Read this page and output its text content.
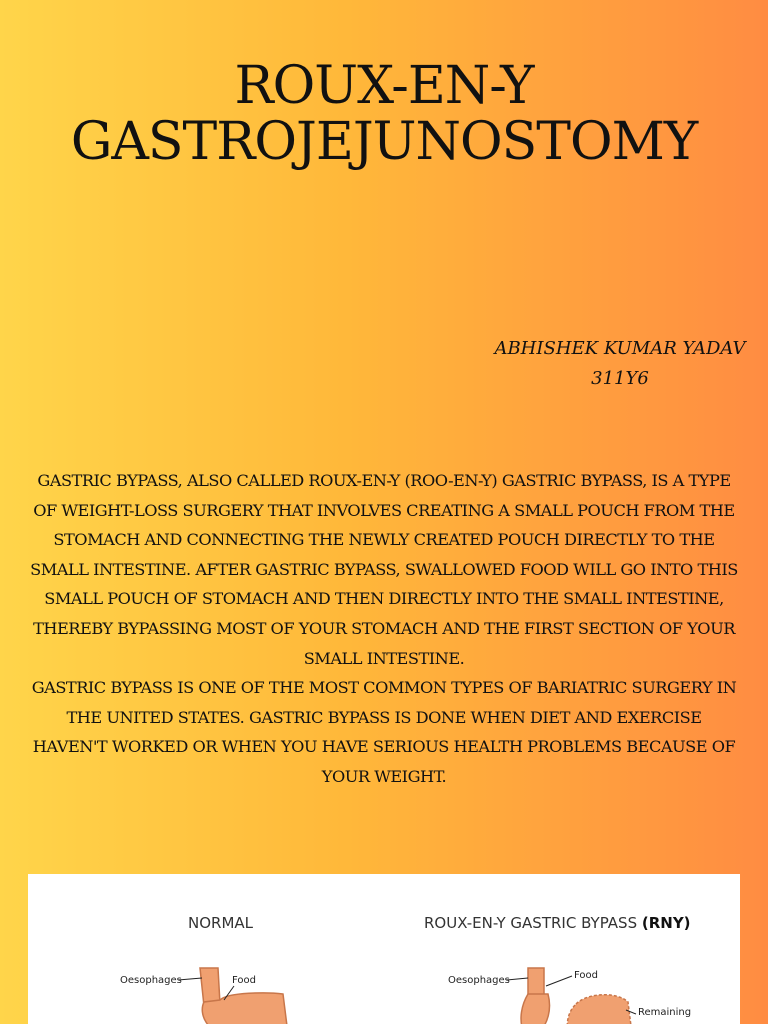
ROUX-EN-Y
GASTROJEJUNOSTOMY
ABHISHEK KUMAR YADAV
311Y6

GASTRIC BYPASS, ALSO CALLED ROUX-EN-Y (ROO-EN-Y) GASTRIC BYPASS, IS A TYPE OF WEIGHT-LOSS SURGERY THAT INVOLVES CREATING A SMALL POUCH FROM THE STOMACH AND CONNECTING THE NEWLY CREATED POUCH DIRECTLY TO THE SMALL INTESTINE. AFTER GASTRIC BYPASS, SWALLOWED FOOD WILL GO INTO THIS SMALL POUCH OF STOMACH AND THEN DIRECTLY INTO THE SMALL INTESTINE, THEREBY BYPASSING MOST OF YOUR STOMACH AND THE FIRST SECTION OF YOUR SMALL INTESTINE.

GASTRIC BYPASS IS ONE OF THE MOST COMMON TYPES OF BARIATRIC SURGERY IN THE UNITED STATES. GASTRIC BYPASS IS DONE WHEN DIET AND EXERCISE HAVEN'T WORKED OR WHEN YOU HAVE SERIOUS HEALTH PROBLEMS BECAUSE OF YOUR WEIGHT.

NORMAL	ROUX-EN-Y GASTRIC BYPASS (RNY)
Oesophages	Food	Oesophages	Food
Remaining
